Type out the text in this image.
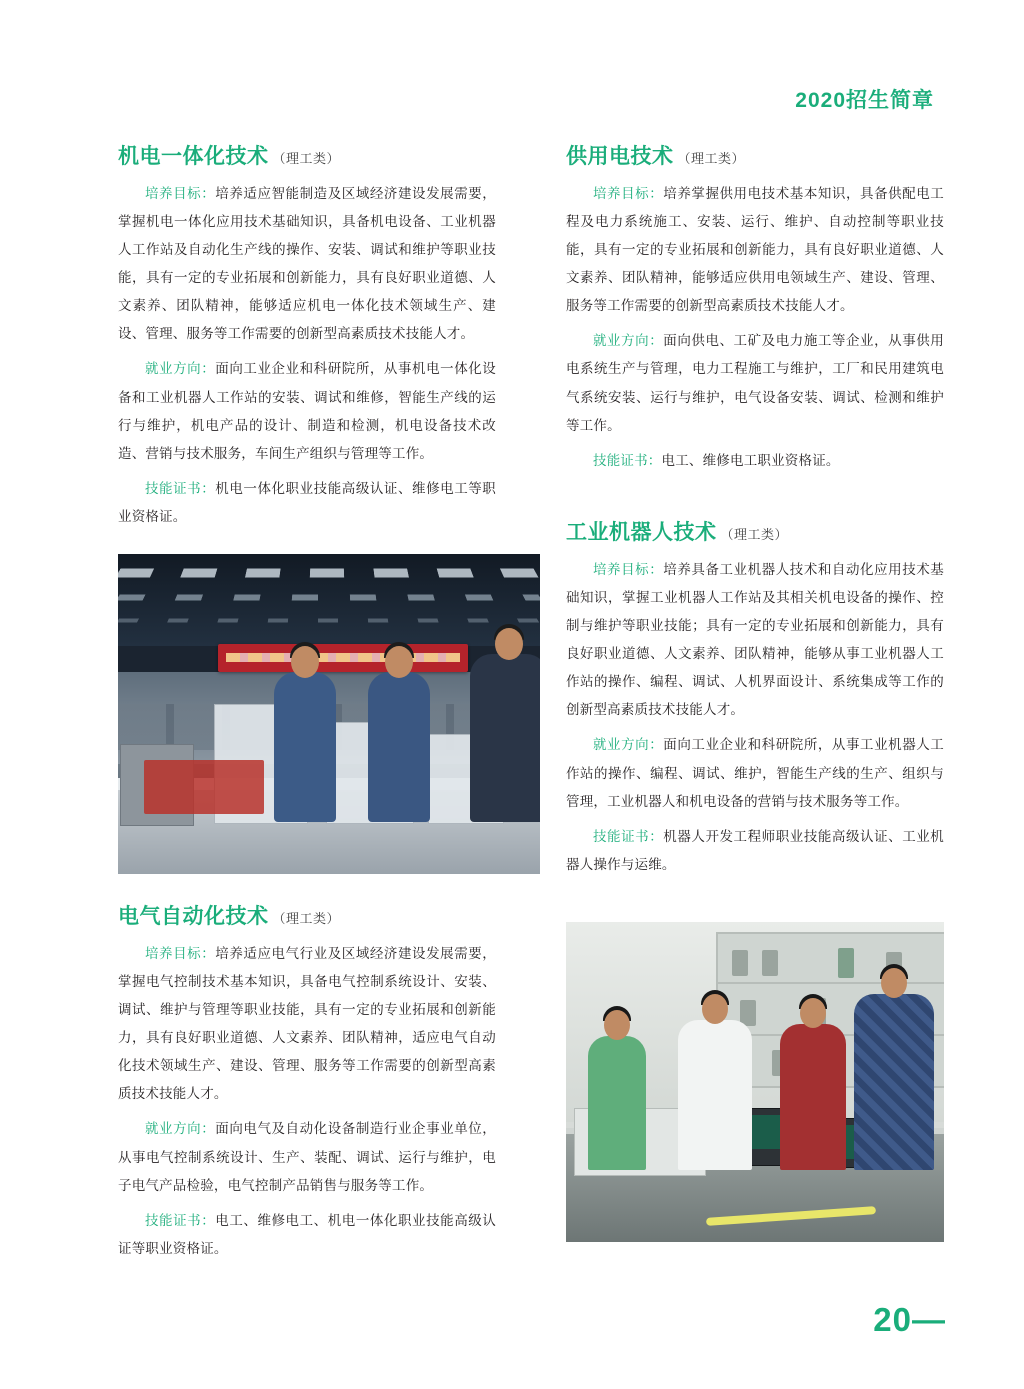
2020招生简章
机电一体化技术 （理工类）

培养目标：培养适应智能制造及区域经济建设发展需要，掌握机电一体化应用技术基础知识，具备机电设备、工业机器人工作站及自动化生产线的操作、安装、调试和维护等职业技能，具有一定的专业拓展和创新能力，具有良好职业道德、人文素养、团队精神，能够适应机电一体化技术领域生产、建设、管理、服务等工作需要的创新型高素质技术技能人才。

就业方向：面向工业企业和科研院所，从事机电一体化设备和工业机器人工作站的安装、调试和维修，智能生产线的运行与维护，机电产品的设计、制造和检测，机电设备技术改造、营销与技术服务，车间生产组织与管理等工作。

技能证书：机电一体化职业技能高级认证、维修电工等职业资格证。

电气自动化技术 （理工类）

培养目标：培养适应电气行业及区域经济建设发展需要，掌握电气控制技术基本知识，具备电气控制系统设计、安装、调试、维护与管理等职业技能，具有一定的专业拓展和创新能力，具有良好职业道德、人文素养、团队精神，适应电气自动化技术领域生产、建设、管理、服务等工作需要的创新型高素质技术技能人才。

就业方向：面向电气及自动化设备制造行业企事业单位，从事电气控制系统设计、生产、装配、调试、运行与维护，电子电气产品检验，电气控制产品销售与服务等工作。

技能证书：电工、维修电工、机电一体化职业技能高级认证等职业资格证。

供用电技术 （理工类）

培养目标：培养掌握供用电技术基本知识，具备供配电工程及电力系统施工、安装、运行、维护、自动控制等职业技能，具有一定的专业拓展和创新能力，具有良好职业道德、人文素养、团队精神，能够适应供用电领域生产、建设、管理、服务等工作需要的创新型高素质技术技能人才。

就业方向：面向供电、工矿及电力施工等企业，从事供用电系统生产与管理，电力工程施工与维护，工厂和民用建筑电气系统安装、运行与维护，电气设备安装、调试、检测和维护等工作。

技能证书：电工、维修电工职业资格证。

工业机器人技术 （理工类）

培养目标：培养具备工业机器人技术和自动化应用技术基础知识，掌握工业机器人工作站及其相关机电设备的操作、控制与维护等职业技能；具有一定的专业拓展和创新能力，具有良好职业道德、人文素养、团队精神，能够从事工业机器人工作站的操作、编程、调试、人机界面设计、系统集成等工作的创新型高素质技术技能人才。

就业方向：面向工业企业和科研院所，从事工业机器人工作站的操作、编程、调试、维护，智能生产线的生产、组织与管理，工业机器人和机电设备的营销与技术服务等工作。

技能证书：机器人开发工程师职业技能高级认证、工业机器人操作与运维。

20—
